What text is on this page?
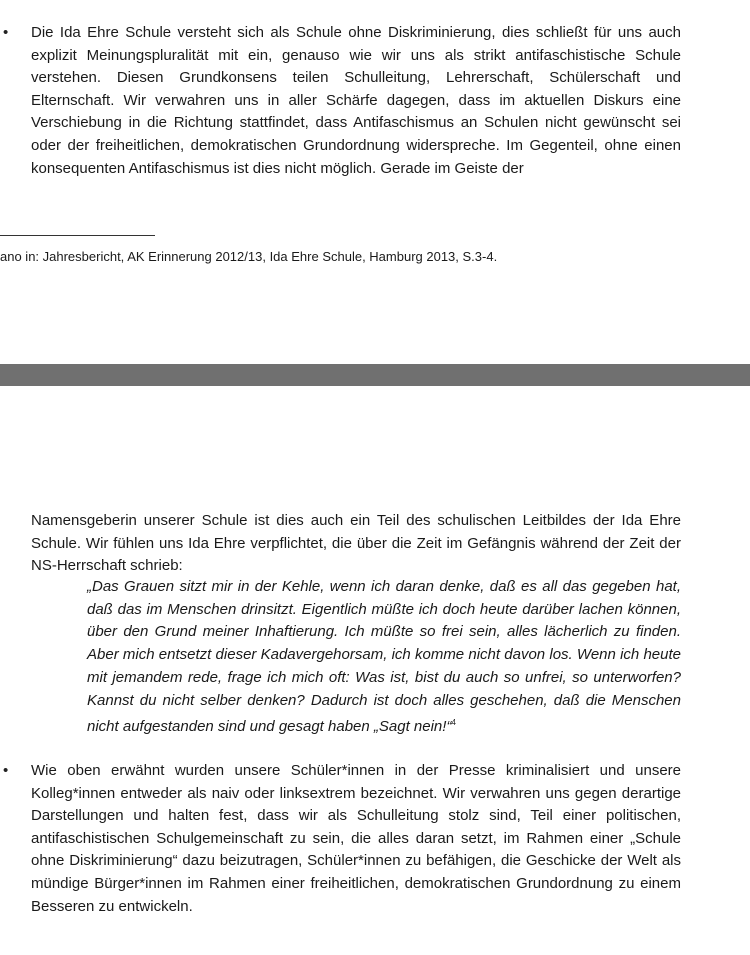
• Die Ida Ehre Schule versteht sich als Schule ohne Diskriminierung, dies schließt für uns auch explizit Meinungspluralität mit ein, genauso wie wir uns als strikt antifaschistische Schule verstehen. Diesen Grundkonsens teilen Schulleitung, Lehrerschaft, Schülerschaft und Elternschaft. Wir verwahren uns in aller Schärfe dagegen, dass im aktuellen Diskurs eine Verschiebung in die Richtung stattfindet, dass Antifaschismus an Schulen nicht gewünscht sei oder der freiheitlichen, demokratischen Grundordnung widerspreche. Im Gegenteil, ohne einen konsequenten Antifaschismus ist dies nicht möglich. Gerade im Geiste der

ano in: Jahresbericht, AK Erinnerung 2012/13, Ida Ehre Schule, Hamburg 2013, S.3-4.

Namensgeberin unserer Schule ist dies auch ein Teil des schulischen Leitbildes der Ida Ehre Schule. Wir fühlen uns Ida Ehre verpflichtet, die über die Zeit im Gefängnis während der Zeit der NS-Herrschaft schrieb:

„Das Grauen sitzt mir in der Kehle, wenn ich daran denke, daß es all das gegeben hat, daß das im Menschen drinsitzt. Eigentlich müßte ich doch heute darüber lachen können, über den Grund meiner Inhaftierung. Ich müßte so frei sein, alles lächerlich zu finden. Aber mich entsetzt dieser Kadavergehorsam, ich komme nicht davon los. Wenn ich heute mit jemandem rede, frage ich mich oft: Was ist, bist du auch so unfrei, so unterworfen? Kannst du nicht selber denken? Dadurch ist doch alles geschehen, daß die Menschen nicht aufgestanden sind und gesagt haben „Sagt nein!“$^4$

• Wie oben erwähnt wurden unsere Schüler*innen in der Presse kriminalisiert und unsere Kolleg*innen entweder als naiv oder linksextrem bezeichnet. Wir verwahren uns gegen derartige Darstellungen und halten fest, dass wir als Schulleitung stolz sind, Teil einer politischen, antifaschistischen Schulgemeinschaft zu sein, die alles daran setzt, im Rahmen einer „Schule ohne Diskriminierung“ dazu beizutragen, Schüler*innen zu befähigen, die Geschicke der Welt als mündige Bürger*innen im Rahmen einer freiheitlichen, demokratischen Grundordnung zu einem Besseren zu entwickeln.
